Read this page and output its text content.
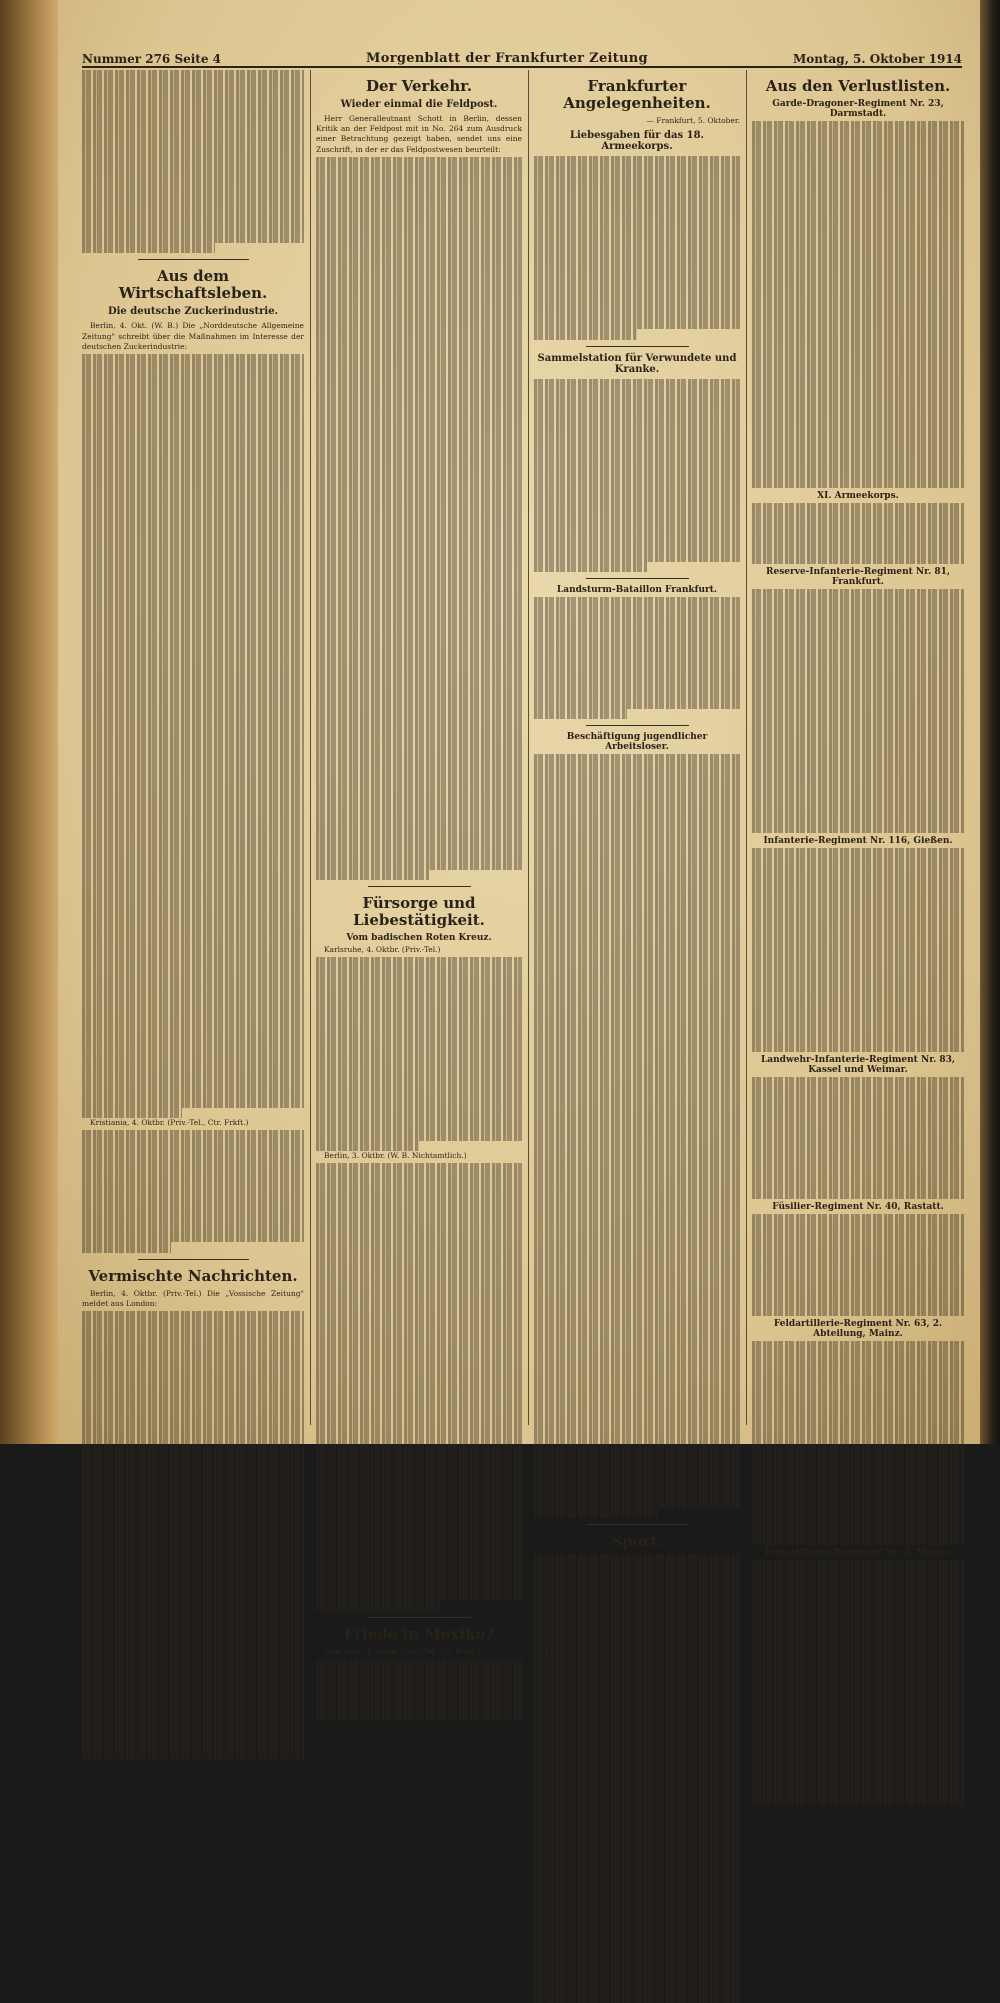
Nummer 276 Seite 4	Morgenblatt der Frankfurter Zeitung	Montag, 5. Oktober 1914
Aus dem Wirtschaftsleben.
Die deutsche Zuckerindustrie.

Berlin, 4. Okt. (W. B.) Die „Norddeutsche Allgemeine Zeitung" schreibt über die Maßnahmen im Interesse der deutschen Zuckerindustrie:

Kristiania, 4. Oktbr. (Priv.-Tel., Ctr. Frkft.)

Vermischte Nachrichten.

Berlin, 4. Oktbr. (Priv.-Tel.) Die „Vossische Zeitung" meldet aus London:

Der Verkehr.
Wieder einmal die Feldpost.

Herr Generalleutnant Schott in Berlin, dessen Kritik an der Feldpost mit in No. 264 zum Ausdruck einer Betrachtung gezeigt haben, sendet uns eine Zuschrift, in der er das Feldpostwesen beurteilt:

Fürsorge und Liebestätigkeit.
Vom badischen Roten Kreuz.

Karlsruhe, 4. Oktbr. (Priv.-Tel.)

Berlin, 3. Oktbr. (W. B. Nichtamtlich.)

Friede in Mexiko?

New York, 4. Oktbr. (Priv.-Tel. Ctr. Frkft.)

Frankfurter Angelegenheiten.

— Frankfurt, 5. Oktober.

Liebesgaben für das 18. Armeekorps.
Sammelstation für Verwundete und Kranke.
Landsturm-Bataillon Frankfurt.
Beschäftigung jugendlicher Arbeitsloser.
Sport.
Aus den Verlustlisten.
Garde-Dragoner-Regiment Nr. 23, Darmstadt.
XI. Armeekorps.
Reserve-Infanterie-Regiment Nr. 81, Frankfurt.
Infanterie-Regiment Nr. 116, Gießen.
Landwehr-Infanterie-Regiment Nr. 83, Kassel und Weimar.
Füsilier-Regiment Nr. 40, Rastatt.
Feldartillerie-Regiment Nr. 63, 2. Abteilung, Mainz.
Fußartillerie-Regiment Nr. 3, Mainz.
